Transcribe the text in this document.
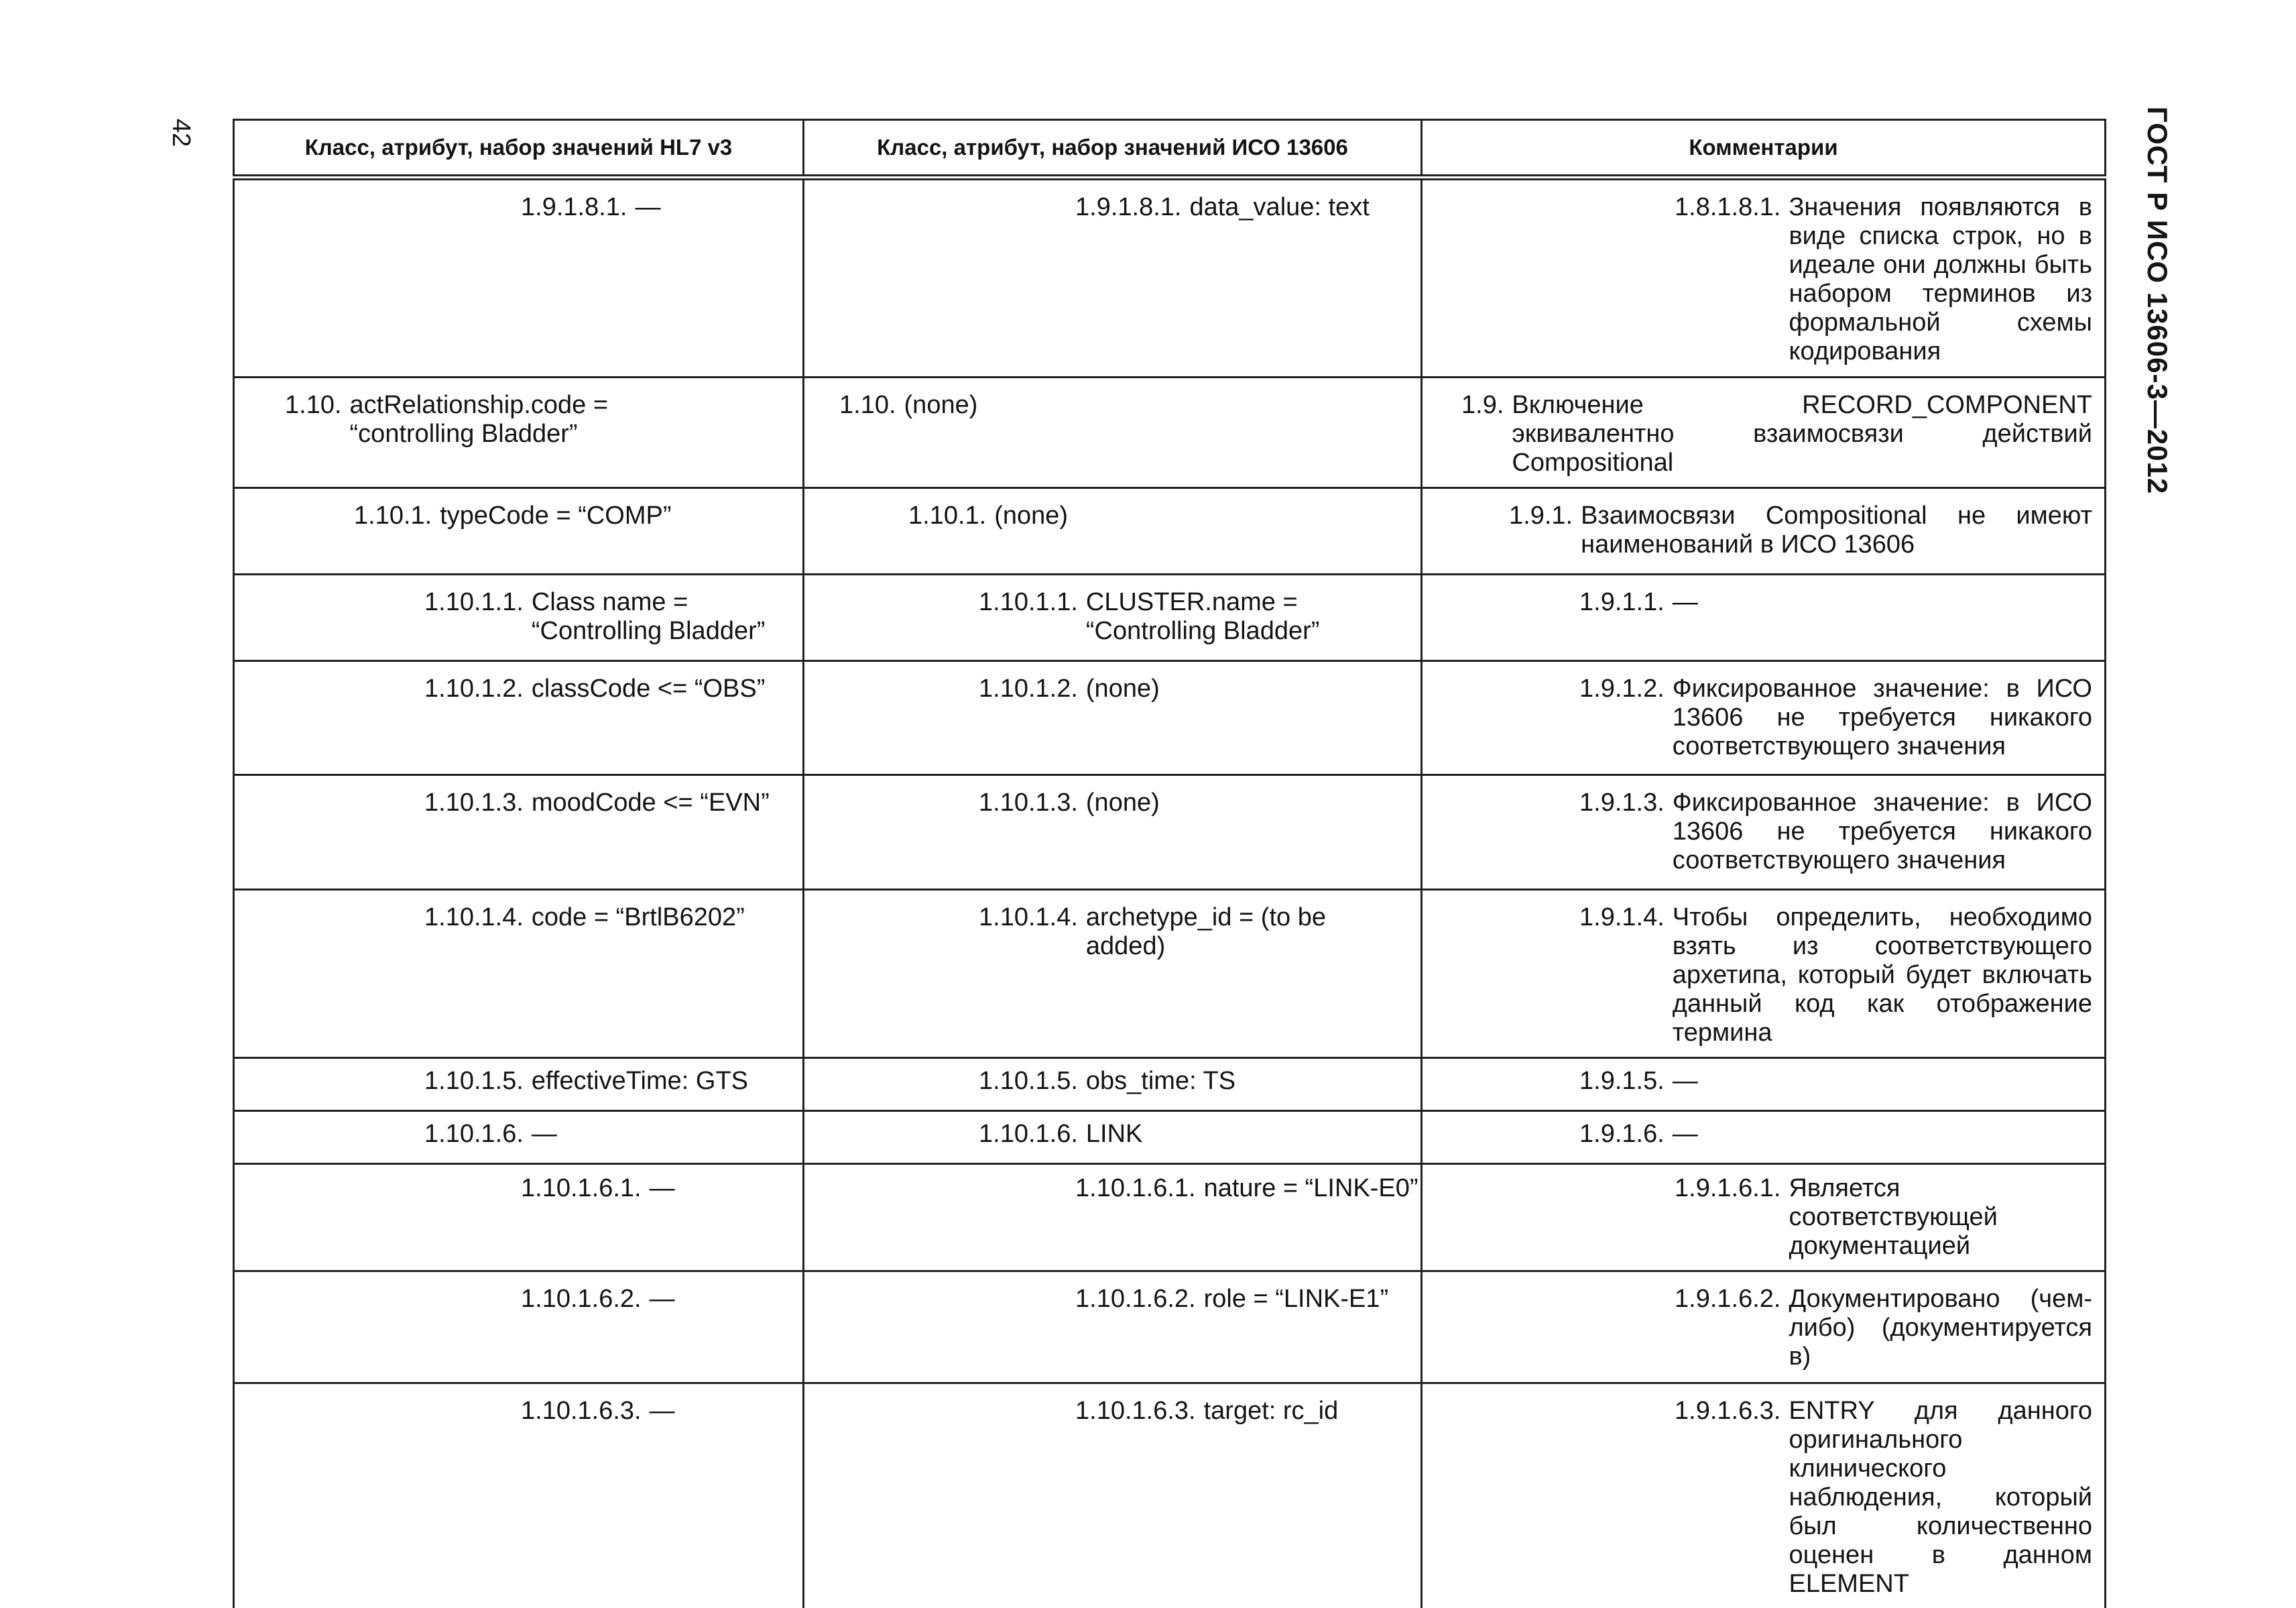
42	ГОСТ Р ИСО 13606-3—2012
Класс, атрибут, набор значений HL7 v3	Класс, атрибут, набор значений ИСО 13606	Комментарии

1.9.1.8.1. —	1.9.1.8.1. data_value: text	1.8.1.8.1. Значения появляются в виде списка строк, но в идеале они должны быть набором терминов из формальной схемы кодирования

1.10. actRelationship.code =
“controlling Bladder”	1.10. (none)	1.9. Включение RECORD_COMPONENT эквивалентно взаимосвязи действий Compositional

1.10.1. typeCode = “COMP”	1.10.1. (none)	1.9.1. Взаимосвязи Compositional не имеют наименований в ИСО 13606

1.10.1.1. Class name =
“Controlling Bladder”	1.10.1.1. CLUSTER.name =
“Controlling Bladder”	1.9.1.1. —

1.10.1.2. classCode <= “OBS”	1.10.1.2. (none)	1.9.1.2. Фиксированное значение: в ИСО 13606 не требуется никакого соответствующего значения

1.10.1.3. moodCode <= “EVN”	1.10.1.3. (none)	1.9.1.3. Фиксированное значение: в ИСО 13606 не требуется никакого соответствующего значения

1.10.1.4. code = “BrtlB6202”	1.10.1.4. archetype_id = (to be added)	1.9.1.4. Чтобы определить, необходимо взять из соответствующего архетипа, который будет включать данный код как отображение термина

1.10.1.5. effectiveTime: GTS	1.10.1.5. obs_time: TS	1.9.1.5. —

1.10.1.6. —	1.10.1.6. LINK	1.9.1.6. —

1.10.1.6.1. —	1.10.1.6.1. nature = “LINK-E0”	1.9.1.6.1. Является соответствующей документацией

1.10.1.6.2. —	1.10.1.6.2. role = “LINK-E1”	1.9.1.6.2. Документировано (чем-либо) (документируется в)

1.10.1.6.3. —	1.10.1.6.3. target: rc_id	1.9.1.6.3. ENTRY для данного оригинального клинического наблюдения, который был количественно оценен в данном ELEMENT
